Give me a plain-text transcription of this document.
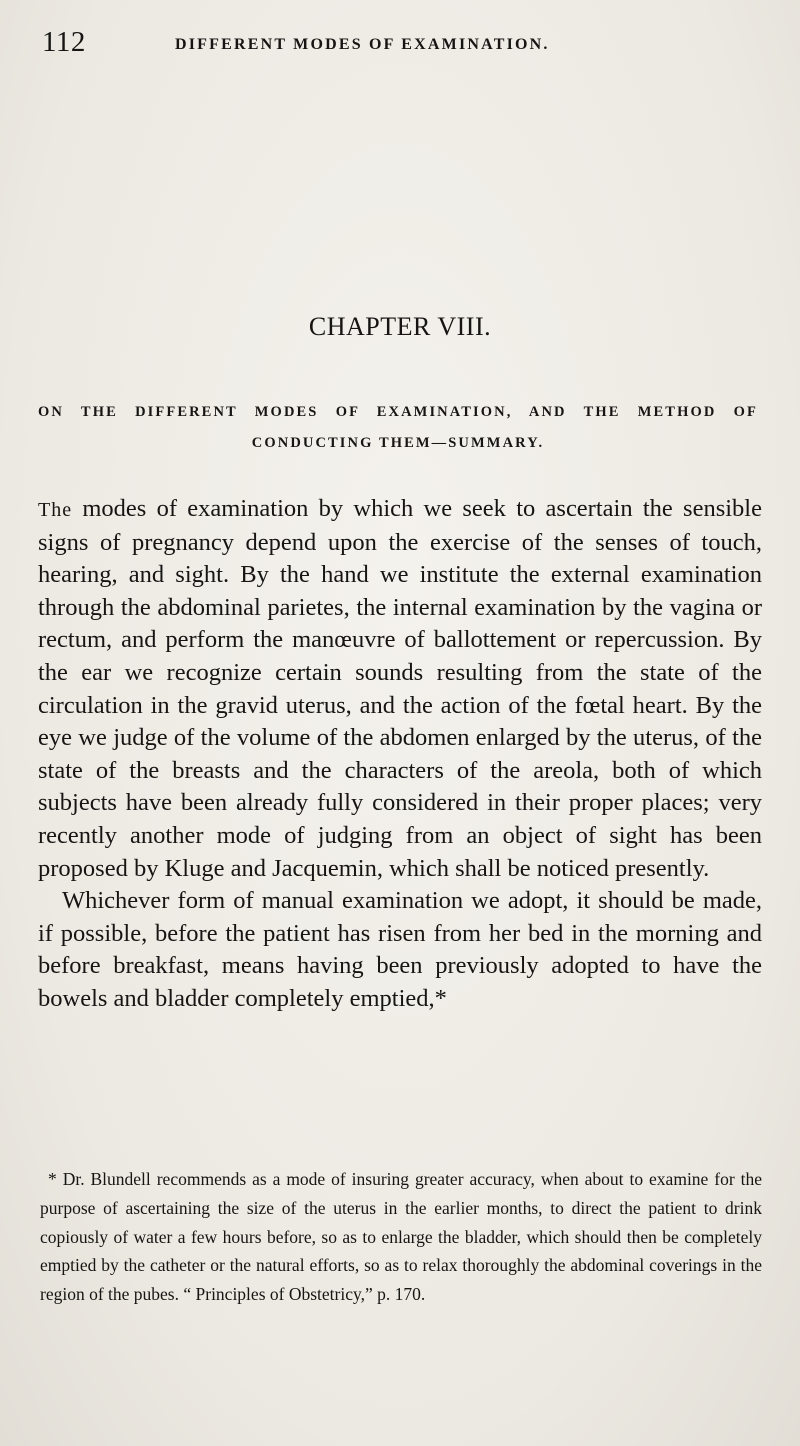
112	DIFFERENT MODES OF EXAMINATION.
CHAPTER VIII.
ON THE DIFFERENT MODES OF EXAMINATION, AND THE METHOD OF CONDUCTING THEM—SUMMARY.

The modes of examination by which we seek to ascertain the sensible signs of pregnancy depend upon the exercise of the senses of touch, hearing, and sight. By the hand we institute the external examination through the abdominal parietes, the internal examination by the vagina or rectum, and perform the manœuvre of ballottement or repercussion. By the ear we recognize certain sounds resulting from the state of the circulation in the gravid uterus, and the action of the fœtal heart. By the eye we judge of the volume of the abdomen enlarged by the uterus, of the state of the breasts and the characters of the areola, both of which subjects have been already fully considered in their proper places; very recently another mode of judging from an object of sight has been proposed by Kluge and Jacquemin, which shall be noticed presently.

Whichever form of manual examination we adopt, it should be made, if possible, before the patient has risen from her bed in the morning and before breakfast, means having been previously adopted to have the bowels and bladder completely emptied,*

* Dr. Blundell recommends as a mode of insuring greater accuracy, when about to examine for the purpose of ascertaining the size of the uterus in the earlier months, to direct the patient to drink copiously of water a few hours before, so as to enlarge the bladder, which should then be completely emptied by the catheter or the natural efforts, so as to relax thoroughly the abdominal coverings in the region of the pubes. “ Principles of Obstetricy,” p. 170.
